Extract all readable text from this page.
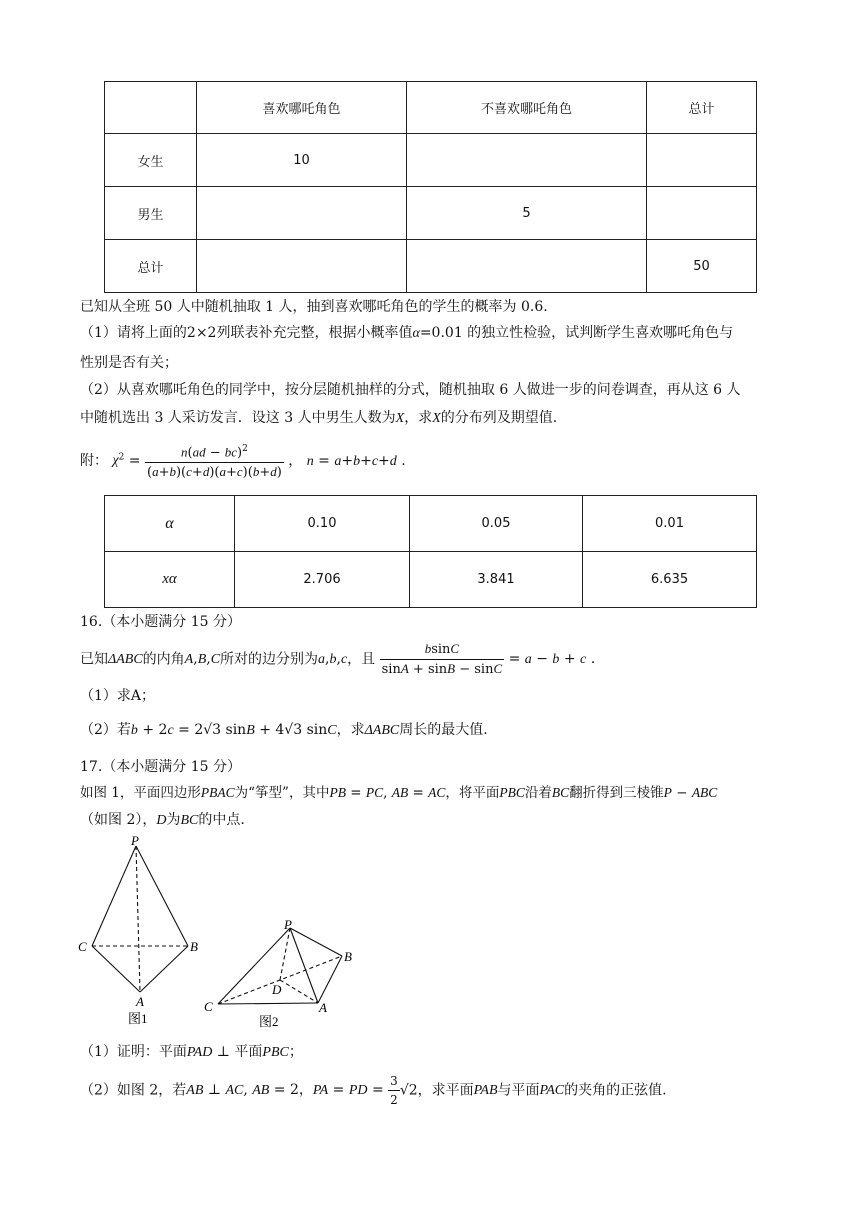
	喜欢哪吒角色	不喜欢哪吒角色	总计
女生	10		
男生		5	
总计			50
已知从全班 50 人中随机抽取 1 人，抽到喜欢哪吒角色的学生的概率为 0.6.
（1）请将上面的2×2列联表补充完整，根据小概率值α=0.01 的独立性检验，试判断学生喜欢哪吒角色与
性别是否有关；
（2）从喜欢哪吒角色的同学中，按分层随机抽样的分式，随机抽取 6 人做进一步的问卷调查，再从这 6 人
中随机选出 3 人采访发言．设这 3 人中男生人数为X，求X的分布列及期望值.
附： $\chi^2 = \frac{n(ad - bc)^2}{(a+b)(c+d)(a+c)(b+d)}$ ， n = a+b+c+d .
α	0.10	0.05	0.01
xα	2.706	3.841	6.635
16.（本小题满分 15 分）
已知ΔABC的内角A,B,C所对的边分别为a,b,c，且 $\frac{bsinC}{\sin A + \sin B - \sin C} = a - b + c$ .
（1）求A；
（2）若b + 2c = 2√3 sinB + 4√3 sinC，求ΔABC周长的最大值.
17.（本小题满分 15 分）
如图 1，平面四边形PBAC为“筝型”，其中PB = PC, AB = AC，将平面PBC沿着BC翻折得到三棱锥P − ABC
（如图 2），D为BC的中点.
P
C	B
A
图1
P
B
C
D
A
图2
（1）证明：平面PAD ⊥ 平面PBC；
（2）如图 2，若AB ⊥ AC, AB = 2，PA = PD = $\frac{3}{2} √2$，求平面PAB与平面PAC的夹角的正弦值.
